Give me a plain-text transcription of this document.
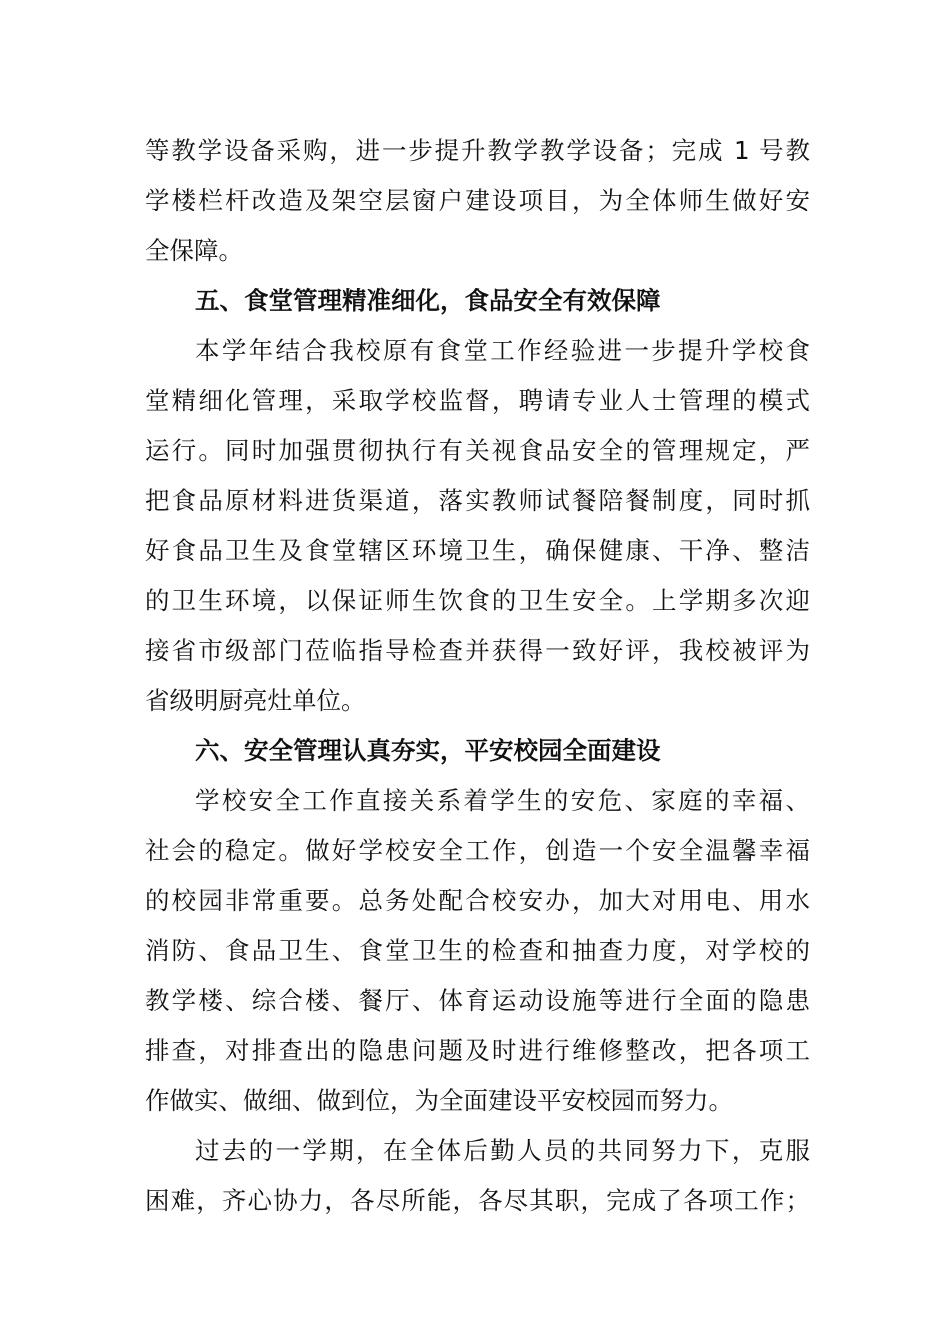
等教学设备采购，进一步提升教学教学设备；完成 1 号教
学楼栏杆改造及架空层窗户建设项目，为全体师生做好安
全保障。
五、食堂管理精准细化，食品安全有效保障
本学年结合我校原有食堂工作经验进一步提升学校食
堂精细化管理，采取学校监督，聘请专业人士管理的模式
运行。同时加强贯彻执行有关视食品安全的管理规定，严
把食品原材料进货渠道，落实教师试餐陪餐制度，同时抓
好食品卫生及食堂辖区环境卫生，确保健康、干净、整洁
的卫生环境，以保证师生饮食的卫生安全。上学期多次迎
接省市级部门莅临指导检查并获得一致好评，我校被评为
省级明厨亮灶单位。
六、安全管理认真夯实，平安校园全面建设
学校安全工作直接关系着学生的安危、家庭的幸福、
社会的稳定。做好学校安全工作，创造一个安全温馨幸福
的校园非常重要。总务处配合校安办，加大对用电、用水
消防、食品卫生、食堂卫生的检查和抽查力度，对学校的
教学楼、综合楼、餐厅、体育运动设施等进行全面的隐患
排查，对排查出的隐患问题及时进行维修整改，把各项工
作做实、做细、做到位，为全面建设平安校园而努力。
过去的一学期，在全体后勤人员的共同努力下，克服
困难，齐心协力，各尽所能，各尽其职，完成了各项工作；
